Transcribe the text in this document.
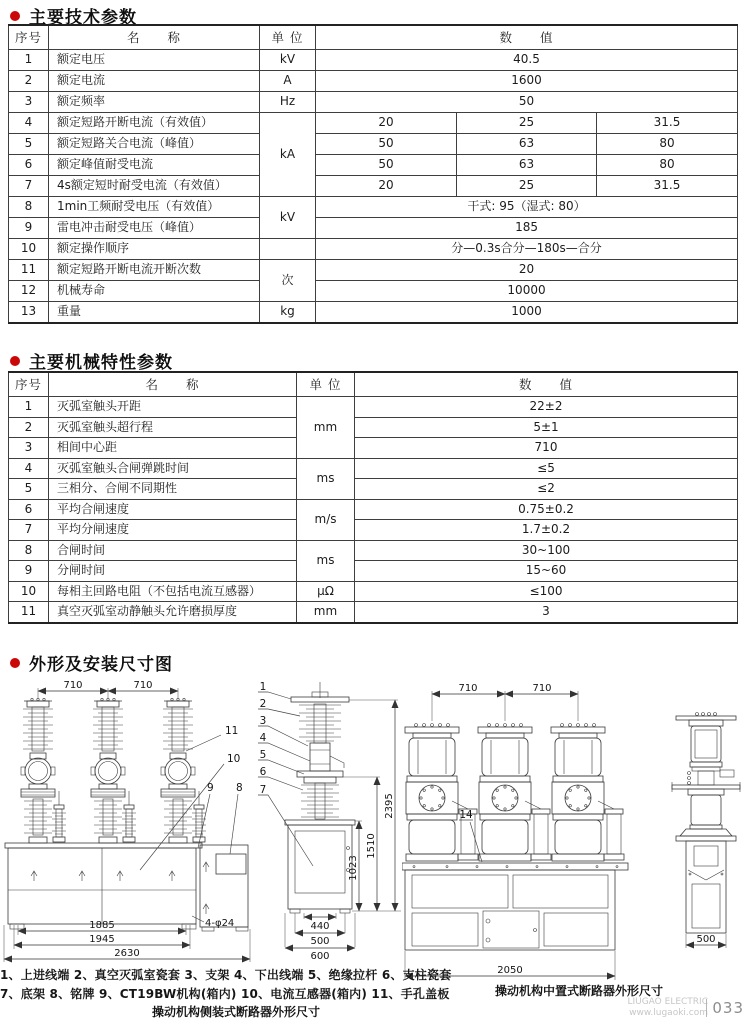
主要技术参数
序号	名　　称	单 位	数　　值		
1	额定电压	kV	40.5		
2	额定电流	A	1600		
3	额定频率	Hz	50		
4	额定短路开断电流（有效值）	kA	20	25	31.5
5	额定短路关合电流（峰值）		50	63	80
6	额定峰值耐受电流		50	63	80
7	4s额定短时耐受电流（有效值）		20	25	31.5
8	1min工频耐受电压（有效值）	kV	干式: 95（湿式: 80）		
9	雷电冲击耐受电压（峰值）		185		
10	额定操作顺序		分—0.3s合分—180s—合分		
11	额定短路开断电流开断次数	次	20		
12	机械寿命		10000		
13	重量	kg	1000		
主要机械特性参数
序号	名　　称	单 位	数　　值
1	灭弧室触头开距	mm	22±2
2	灭弧室触头超行程		5±1
3	相间中心距		710
4	灭弧室触头合闸弹跳时间	ms	≤5
5	三相分、合闸不同期性		≤2
6	平均合闸速度	m/s	0.75±0.2
7	平均分闸速度		1.7±0.2
8	合闸时间	ms	30~100
9	分闸时间		15~60
10	每相主回路电阻（不包括电流互感器）	μΩ	≤100
11	真空灭弧室动静触头允许磨损厚度	mm	3
外形及安装尺寸图
710	710
11
10
9 8
1885
1945
2630
4-φ24
1
2
3
4
5
6
7
2395
1510
1023
440
500
600
710	710
14
2050
500
1、上进线端 2、真空灭弧室瓷套 3、支架 4、下出线端 5、绝缘拉杆 6、支柱瓷套
7、底架 8、铭牌 9、CT19BW机构(箱内) 10、电流互感器(箱内) 11、手孔盖板
操动机构侧装式断路器外形尺寸
操动机构中置式断路器外形尺寸
LIUGAO ELECTRIC
www.lugaoki.com 033
